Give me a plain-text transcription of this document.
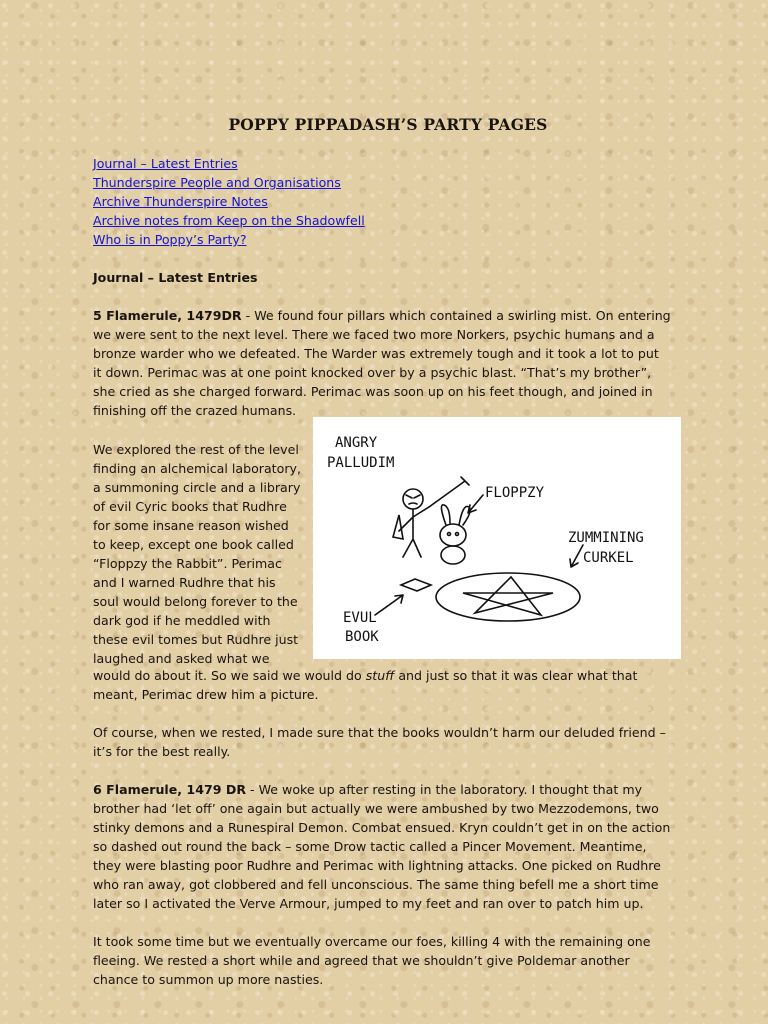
POPPY PIPPADASH’S PARTY PAGES
Journal – Latest Entries
Thunderspire People and Organisations
Archive Thunderspire Notes
Archive notes from Keep on the Shadowfell
Who is in Poppy’s Party?
Journal – Latest Entries

5 Flamerule, 1479DR - We found four pillars which contained a swirling mist. On entering

we were sent to the next level. There we faced two more Norkers, psychic humans and a

bronze warder who we defeated. The Warder was extremely tough and it took a lot to put

it down. Perimac was at one point knocked over by a psychic blast. “That’s my brother”,

she cried as she charged forward. Perimac was soon up on his feet though, and joined in

finishing off the crazed humans.

We explored the rest of the level

finding an alchemical laboratory,

a summoning circle and a library

of evil Cyric books that Rudhre

for some insane reason wished

to keep, except one book called

“Floppzy the Rabbit”. Perimac

and I warned Rudhre that his

soul would belong forever to the

dark god if he meddled with

these evil tomes but Rudhre just

laughed and asked what we

would do about it. So we said we would do stuff and just so that it was clear what that

meant, Perimac drew him a picture.

Of course, when we rested, I made sure that the books wouldn’t harm our deluded friend –

it’s for the best really.

6 Flamerule, 1479 DR - We woke up after resting in the laboratory. I thought that my

brother had ‘let off’ one again but actually we were ambushed by two Mezzodemons, two

stinky demons and a Runespiral Demon. Combat ensued. Kryn couldn’t get in on the action

so dashed out round the back – some Drow tactic called a Pincer Movement. Meantime,

they were blasting poor Rudhre and Perimac with lightning attacks. One picked on Rudhre

who ran away, got clobbered and fell unconscious. The same thing befell me a short time

later so I activated the Verve Armour, jumped to my feet and ran over to patch him up.

It took some time but we eventually overcame our foes, killing 4 with the remaining one

fleeing. We rested a short while and agreed that we shouldn’t give Poldemar another

chance to summon up more nasties.

ANGRY
PALLUDIM
FLOPPZY
ZUMMINING
CURKEL
EVUL
BOOK
